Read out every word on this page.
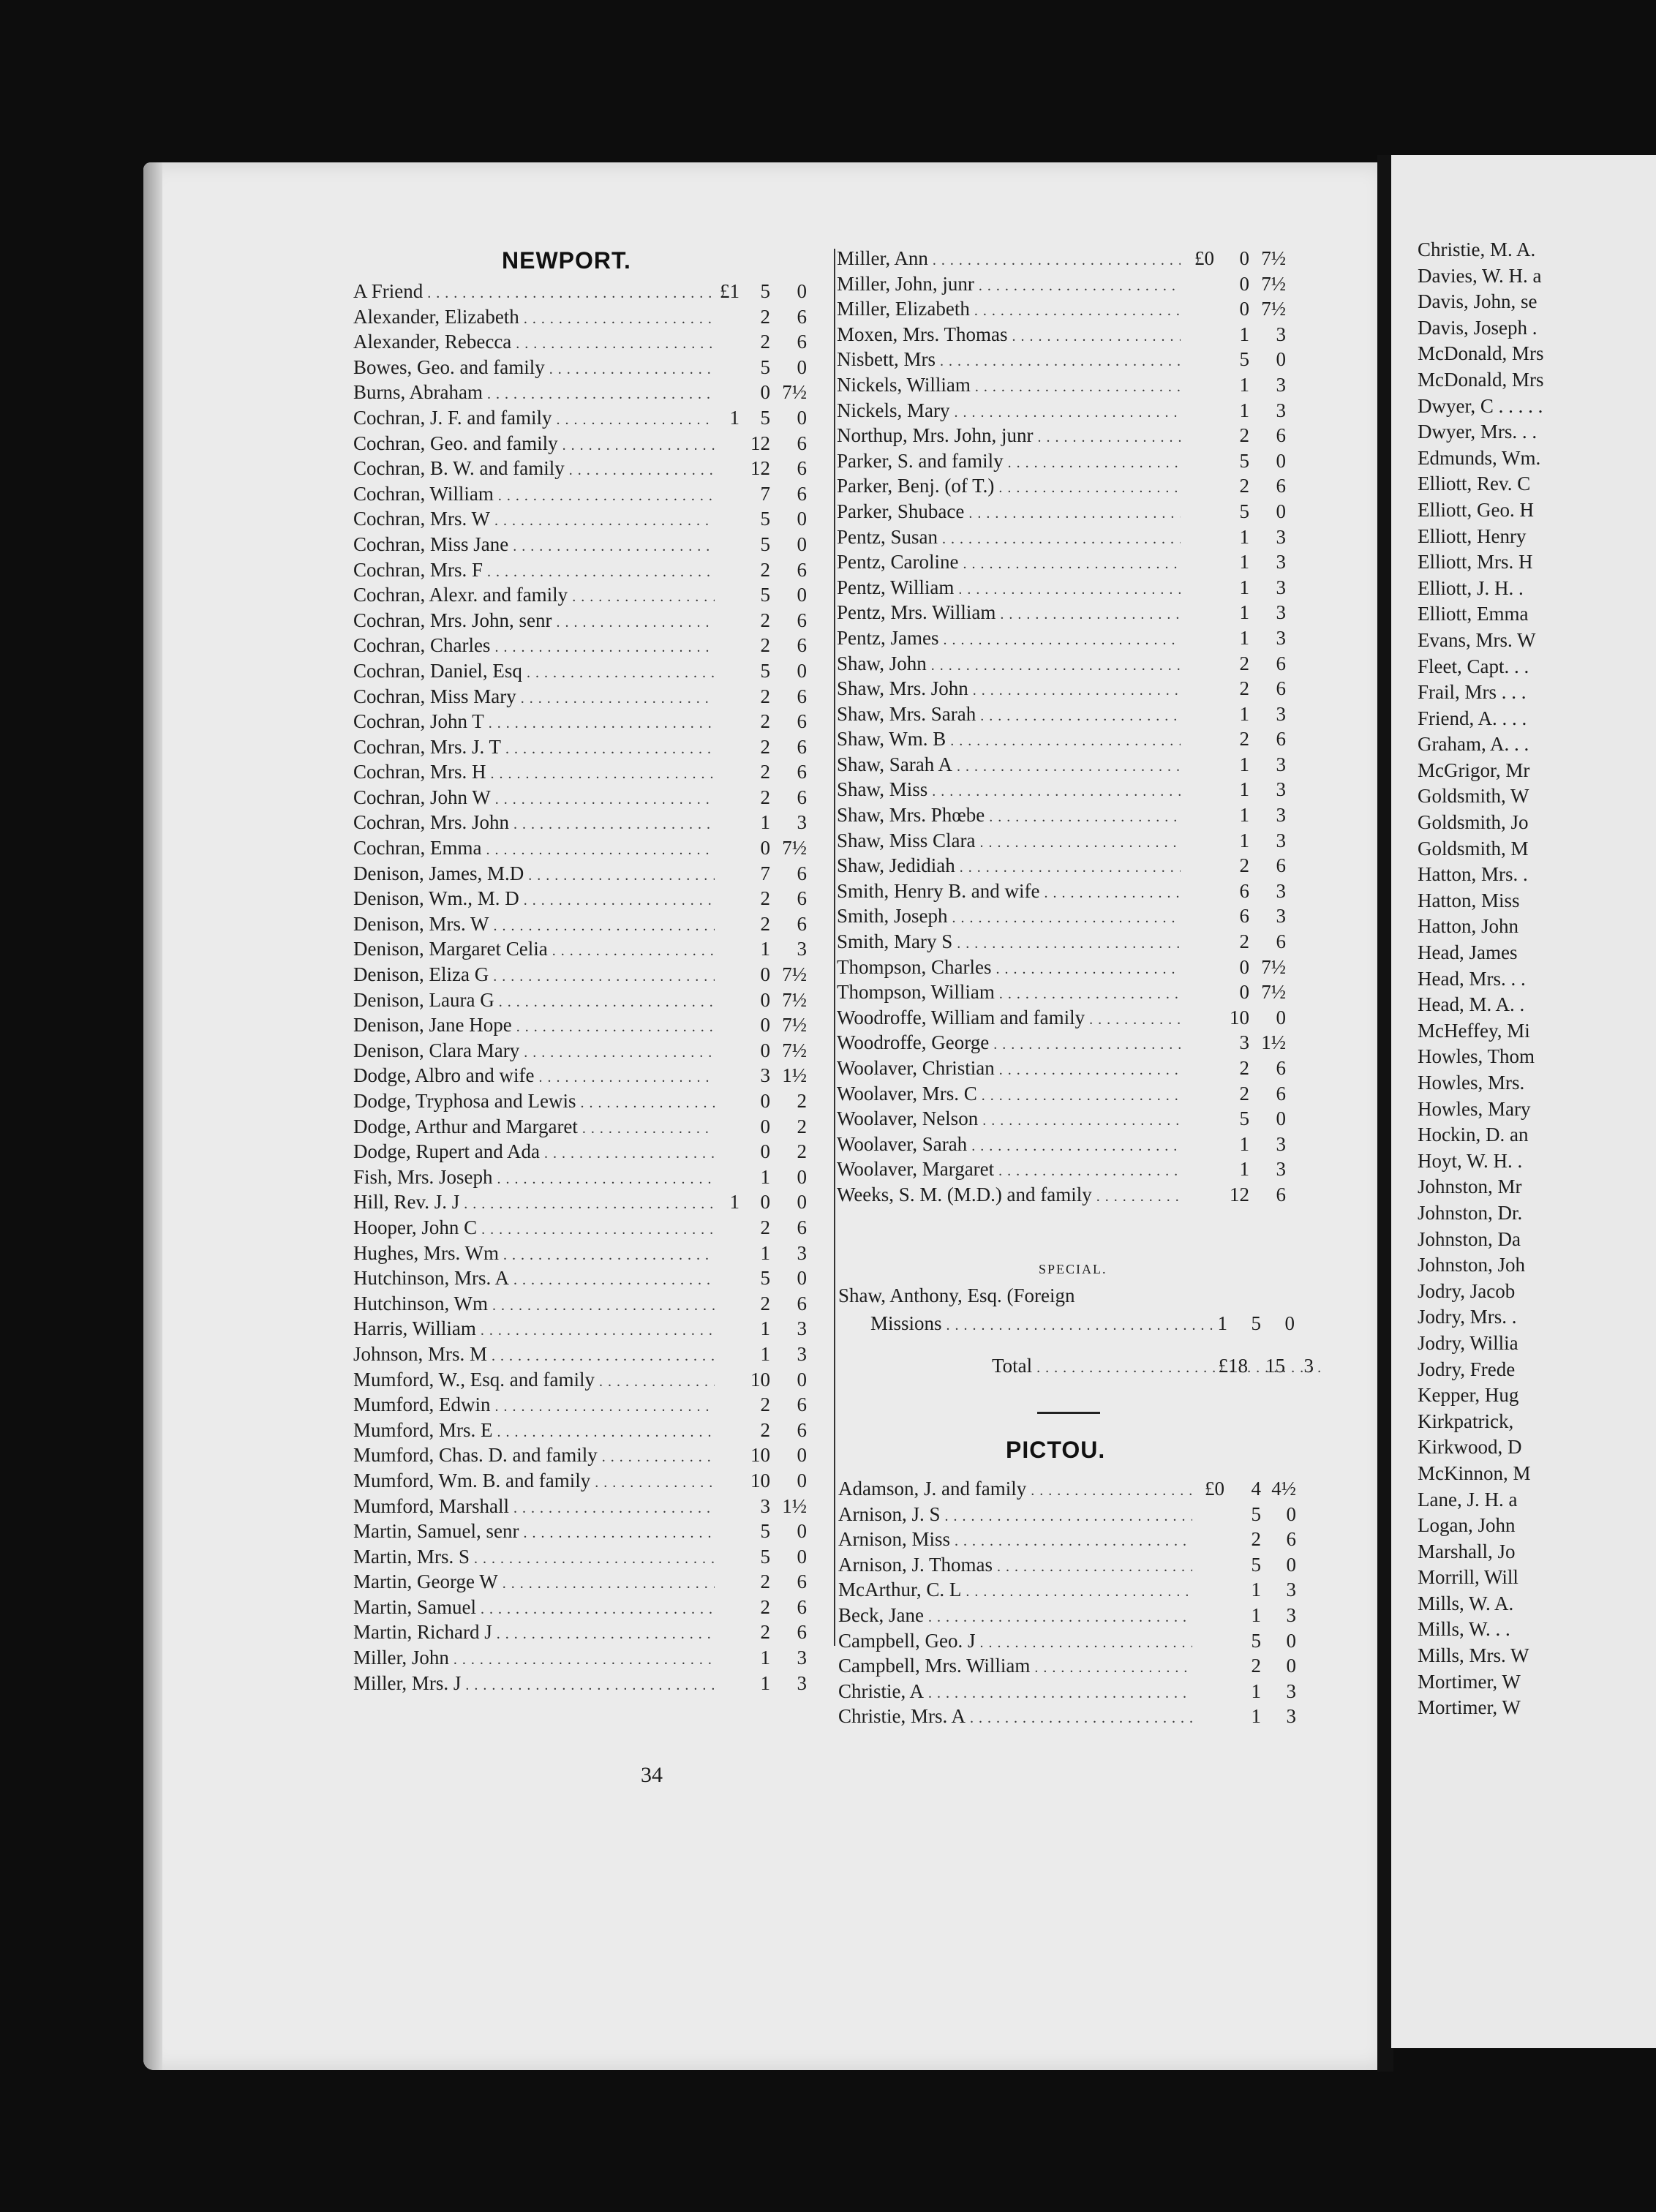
Christie, M. A.
Davies, W. H. a
Davis, John, se
Davis, Joseph .
McDonald, Mrs
McDonald, Mrs
Dwyer, C . . . . .
Dwyer, Mrs. . .
Edmunds, Wm.
Elliott, Rev. C
Elliott, Geo. H
Elliott, Henry
Elliott, Mrs. H
Elliott, J. H. .
Elliott, Emma
Evans, Mrs. W
Fleet, Capt. . .
Frail, Mrs . . .
Friend, A. . . .
Graham, A. . .
McGrigor, Mr
Goldsmith, W
Goldsmith, Jo
Goldsmith, M
Hatton, Mrs. .
Hatton, Miss
Hatton, John
Head, James
Head, Mrs. . .
Head, M. A. .
McHeffey, Mi
Howles, Thom
Howles, Mrs.
Howles, Mary
Hockin, D. an
Hoyt, W. H. .
Johnston, Mr
Johnston, Dr.
Johnston, Da
Johnston, Joh
Jodry, Jacob
Jodry, Mrs. .
Jodry, Willia
Jodry, Frede
Kepper, Hug
Kirkpatrick,
Kirkwood, D
McKinnon, M
Lane, J. H. a
Logan, John
Marshall, Jo
Morrill, Will
Mills, W. A.
Mills, W. . .
Mills, Mrs. W
Mortimer, W
Mortimer, W
NEWPORT.
A Friend . . .	£1	5	0
Alexander, Elizabeth . . .	2	6
Alexander, Rebecca . . .	2	6
Bowes, Geo. and family . . .	5	0
Burns, Abraham . . .	0 7½
Cochran, J. F. and family . . .	1	5	0
Cochran, Geo. and family . . .	12	6
Cochran, B. W. and family . . .	12	6
Cochran, William . . .	7	6
Cochran, Mrs. W . . .	5	0
Cochran, Miss Jane . . .	5	0
Cochran, Mrs. F . . .	2	6
Cochran, Alexr. and family . . .	5	0
Cochran, Mrs. John, senr . . .	2	6
Cochran, Charles . . .	2	6
Cochran, Daniel, Esq . . .	5	0
Cochran, Miss Mary . . .	2	6
Cochran, John T . . .	2	6
Cochran, Mrs. J. T . . .	2	6
Cochran, Mrs. H . . .	2	6
Cochran, John W . . .	2	6
Cochran, Mrs. John . . .	1	3
Cochran, Emma . . .	0 7½
Denison, James, M.D . . .	7	6
Denison, Wm., M. D . . .	2	6
Denison, Mrs. W . . .	2	6
Denison, Margaret Celia . . .	1	3
Denison, Eliza G . . .	0 7½
Denison, Laura G . . .	0 7½
Denison, Jane Hope . . .	0 7½
Denison, Clara Mary . . .	0 7½
Dodge, Albro and wife . . .	3 1½
Dodge, Tryphosa and Lewis . . .	0	2
Dodge, Arthur and Margaret . . .	0	2
Dodge, Rupert and Ada . . .	0	2
Fish, Mrs. Joseph . . .	1	0
Hill, Rev. J. J . . .	1	0	0
Hooper, John C . . .	2	6
Hughes, Mrs. Wm . . .	1	3
Hutchinson, Mrs. A . . .	5	0
Hutchinson, Wm . . .	2	6
Harris, William . . .	1	3
Johnson, Mrs. M . . .	1	3
Mumford, W., Esq. and family . . .	10	0
Mumford, Edwin . . .	2	6
Mumford, Mrs. E . . .	2	6
Mumford, Chas. D. and family . . .	10	0
Mumford, Wm. B. and family . . .	10	0
Mumford, Marshall . . .	3 1½
Martin, Samuel, senr . . .	5	0
Martin, Mrs. S . . .	5	0
Martin, George W . . .	2	6
Martin, Samuel . . .	2	6
Martin, Richard J . . .	2	6
Miller, John . . .	1	3
Miller, Mrs. J . . .	1	3
Miller, Ann . . .	£0	0 7½
Miller, John, junr . . .	0 7½
Miller, Elizabeth . . .	0 7½
Moxen, Mrs. Thomas . . .	1	3
Nisbett, Mrs . . .	5	0
Nickels, William . . .	1	3
Nickels, Mary . . .	1	3
Northup, Mrs. John, junr . . .	2	6
Parker, S. and family . . .	5	0
Parker, Benj. (of T.) . . .	2	6
Parker, Shubace . . .	5	0
Pentz, Susan . . .	1	3
Pentz, Caroline . . .	1	3
Pentz, William . . .	1	3
Pentz, Mrs. William . . .	1	3
Pentz, James . . .	1	3
Shaw, John . . .	2	6
Shaw, Mrs. John . . .	2	6
Shaw, Mrs. Sarah . . .	1	3
Shaw, Wm. B . . .	2	6
Shaw, Sarah A . . .	1	3
Shaw, Miss . . .	1	3
Shaw, Mrs. Phœbe . . .	1	3
Shaw, Miss Clara . . .	1	3
Shaw, Jedidiah . . .	2	6
Smith, Henry B. and wife . . .	6	3
Smith, Joseph . . .	6	3
Smith, Mary S . . .	2	6
Thompson, Charles . . .	0 7½
Thompson, William . . .	0 7½
Woodroffe, William and family . . .	10	0
Woodroffe, George . . .	3 1½
Woolaver, Christian . . .	2	6
Woolaver, Mrs. C . . .	2	6
Woolaver, Nelson . . .	5	0
Woolaver, Sarah . . .	1	3
Woolaver, Margaret . . .	1	3
Weeks, S. M. (M.D.) and family . . .	12	6
SPECIAL.
Shaw, Anthony, Esq. (Foreign
Missions . . .	1	5	0
Total . . .	£18 15 3
PICTOU.
Adamson, J. and family . . .	£0	4 4½
Arnison, J. S . . .	5	0
Arnison, Miss . . .	2	6
Arnison, J. Thomas . . .	5	0
McArthur, C. L . . .	1	3
Beck, Jane . . .	1	3
Campbell, Geo. J . . .	5	0
Campbell, Mrs. William . . .	2	0
Christie, A . . .	1	3
Christie, Mrs. A . . .	1	3
34
